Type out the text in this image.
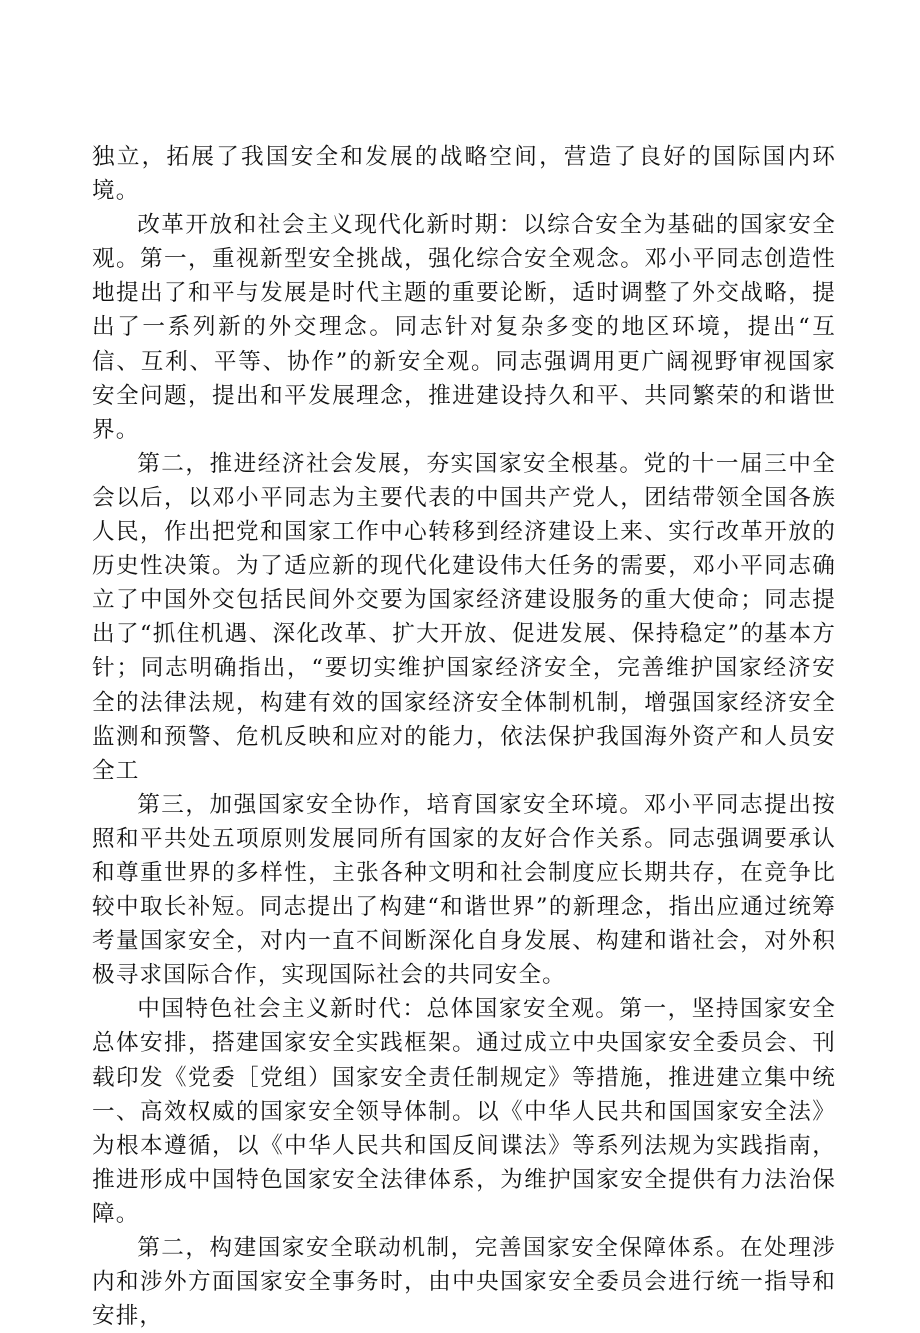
独立，拓展了我国安全和发展的战略空间，营造了良好的国际国内环境。

改革开放和社会主义现代化新时期：以综合安全为基础的国家安全观。第一，重视新型安全挑战，强化综合安全观念。邓小平同志创造性地提出了和平与发展是时代主题的重要论断，适时调整了外交战略，提出了一系列新的外交理念。同志针对复杂多变的地区环境，提出“互信、互利、平等、协作”的新安全观。同志强调用更广阔视野审视国家安全问题，提出和平发展理念，推进建设持久和平、共同繁荣的和谐世界。

第二，推进经济社会发展，夯实国家安全根基。党的十一届三中全会以后，以邓小平同志为主要代表的中国共产党人，团结带领全国各族人民，作出把党和国家工作中心转移到经济建设上来、实行改革开放的历史性决策。为了适应新的现代化建设伟大任务的需要，邓小平同志确立了中国外交包括民间外交要为国家经济建设服务的重大使命；同志提出了“抓住机遇、深化改革、扩大开放、促进发展、保持稳定”的基本方针；同志明确指出，“要切实维护国家经济安全，完善维护国家经济安全的法律法规，构建有效的国家经济安全体制机制，增强国家经济安全监测和预警、危机反映和应对的能力，依法保护我国海外资产和人员安全工

第三，加强国家安全协作，培育国家安全环境。邓小平同志提出按照和平共处五项原则发展同所有国家的友好合作关系。同志强调要承认和尊重世界的多样性，主张各种文明和社会制度应长期共存，在竞争比较中取长补短。同志提出了构建“和谐世界”的新理念，指出应通过统筹考量国家安全，对内一直不间断深化自身发展、构建和谐社会，对外积极寻求国际合作，实现国际社会的共同安全。

中国特色社会主义新时代：总体国家安全观。第一，坚持国家安全总体安排，搭建国家安全实践框架。通过成立中央国家安全委员会、刊载印发《党委［党组）国家安全责任制规定》等措施，推进建立集中统一、高效权威的国家安全领导体制。以《中华人民共和国国家安全法》为根本遵循，以《中华人民共和国反间谍法》等系列法规为实践指南，推进形成中国特色国家安全法律体系，为维护国家安全提供有力法治保障。

第二，构建国家安全联动机制，完善国家安全保障体系。在处理涉内和涉外方面国家安全事务时，由中央国家安全委员会进行统一指导和安排，
